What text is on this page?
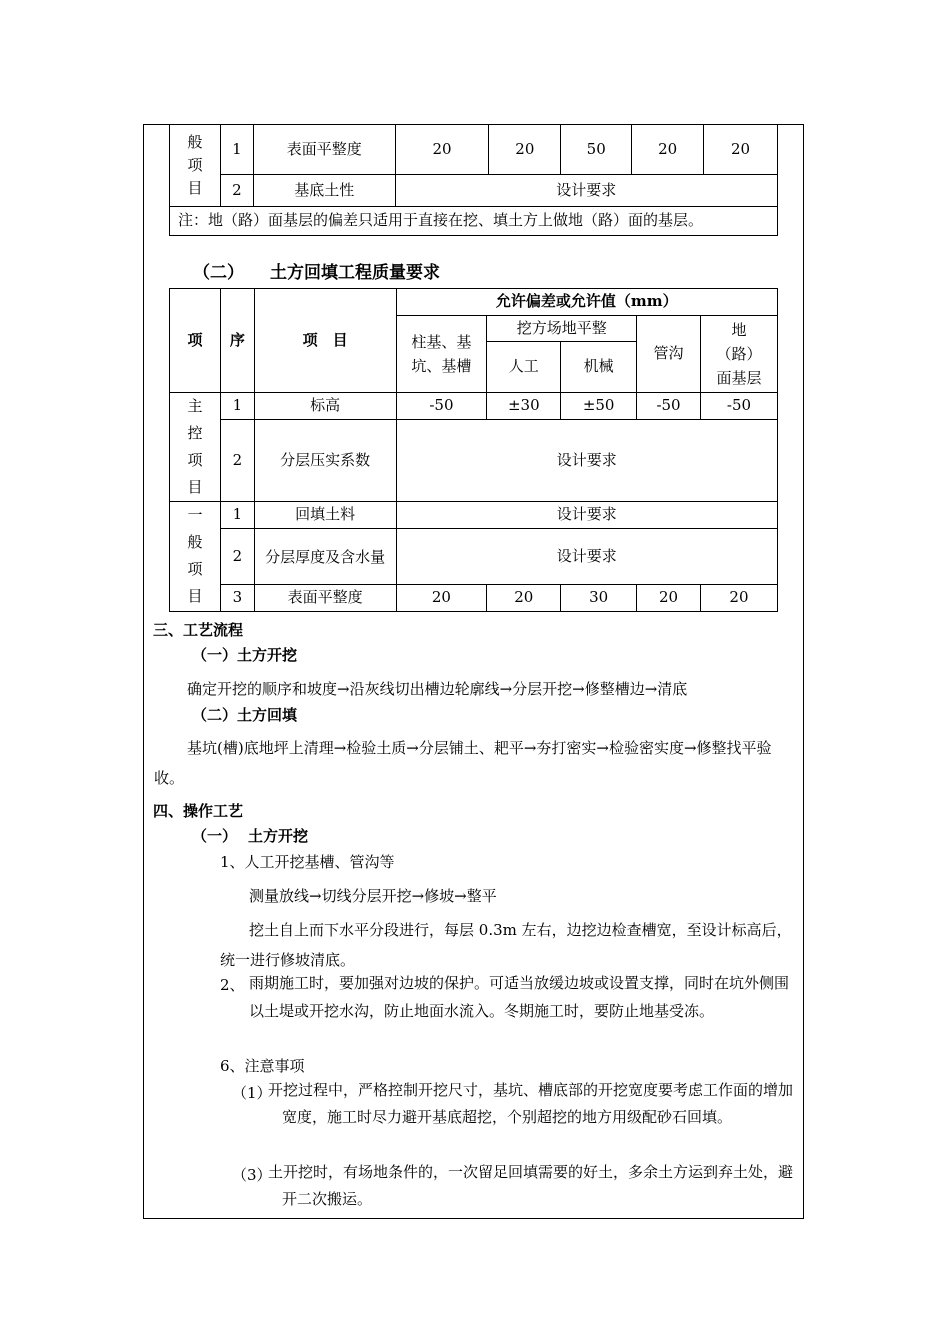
般
项
目	1	表面平整度	20	20	50	20	20
	2	基底土性	设计要求				
注：地（路）面基层的偏差只适用于直接在挖、填土方上做地（路）面的基层。							
（二） 土方回填工程质量要求
项	序	项　目	允许偏差或允许值（mm）				
			柱基、基坑、基槽	挖方场地平整		管沟	地（路）面基层
				人工	机械		
主
控
项
目	1	标高	-50	±30	±50	-50	-50
	2	分层压实系数	设计要求				
一
般
项
目	1	回填土料	设计要求				
	2	分层厚度及含水量	设计要求				
	3	表面平整度	20	20	30	20	20
三、工艺流程
（一）土方开挖
确定开挖的顺序和坡度→沿灰线切出槽边轮廓线→分层开挖→修整槽边→清底
（二）土方回填
基坑(槽)底地坪上清理→检验土质→分层铺土、耙平→夯打密实→检验密实度→修整找平验收。
四、操作工艺
（一） 土方开挖
1、人工开挖基槽、管沟等
测量放线→切线分层开挖→修坡→整平
挖土自上而下水平分段进行，每层 0.3m 左右，边挖边检查槽宽，至设计标高后，统一进行修坡清底。
2、 雨期施工时，要加强对边坡的保护。可适当放缓边坡或设置支撑，同时在坑外侧围以土堤或开挖水沟，防止地面水流入。冬期施工时，要防止地基受冻。
6、注意事项
（1）
开挖过程中，严格控制开挖尺寸，基坑、槽底部的开挖宽度要考虑工作面的增加宽度，施工时尽力避开基底超挖，个别超挖的地方用级配砂石回填。
（3）
土开挖时，有场地条件的，一次留足回填需要的好土，多余土方运到弃土处，避开二次搬运。
